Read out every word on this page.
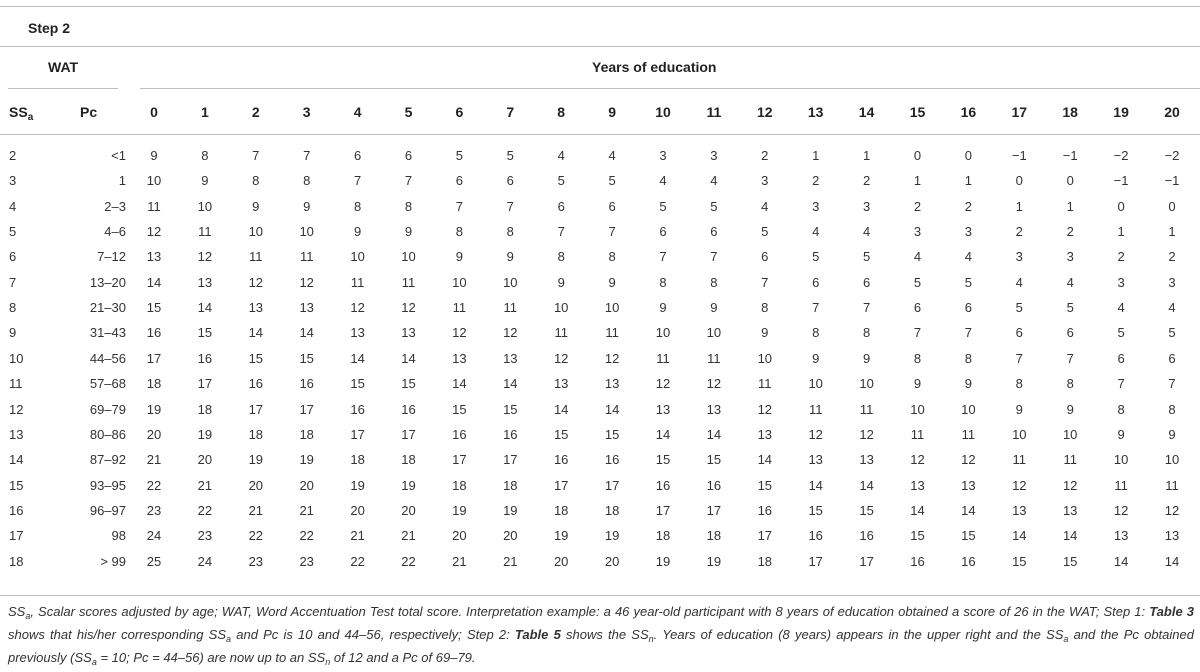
Step 2
WAT	Years of education
$SS_a$	Pc	0	1	2	3	4	5	6	7	8	9	10	11	12	13	14	15	16	17	18	19	20
2	<1	9	8	7	7	6	6	5	5	4	4	3	3	2	1	1	0	0	−1	−1	−2	−2
3	1	10	9	8	8	7	7	6	6	5	5	4	4	3	2	2	1	1	0	0	−1	−1
4	2–3	11	10	9	9	8	8	7	7	6	6	5	5	4	3	3	2	2	1	1	0	0
5	4–6	12	11	10	10	9	9	8	8	7	7	6	6	5	4	4	3	3	2	2	1	1
6	7–12	13	12	11	11	10	10	9	9	8	8	7	7	6	5	5	4	4	3	3	2	2
7	13–20	14	13	12	12	11	11	10	10	9	9	8	8	7	6	6	5	5	4	4	3	3
8	21–30	15	14	13	13	12	12	11	11	10	10	9	9	8	7	7	6	6	5	5	4	4
9	31–43	16	15	14	14	13	13	12	12	11	11	10	10	9	8	8	7	7	6	6	5	5
10	44–56	17	16	15	15	14	14	13	13	12	12	11	11	10	9	9	8	8	7	7	6	6
11	57–68	18	17	16	16	15	15	14	14	13	13	12	12	11	10	10	9	9	8	8	7	7
12	69–79	19	18	17	17	16	16	15	15	14	14	13	13	12	11	11	10	10	9	9	8	8
13	80–86	20	19	18	18	17	17	16	16	15	15	14	14	13	12	12	11	11	10	10	9	9
14	87–92	21	20	19	19	18	18	17	17	16	16	15	15	14	13	13	12	12	11	11	10	10
15	93–95	22	21	20	20	19	19	18	18	17	17	16	16	15	14	14	13	13	12	12	11	11
16	96–97	23	22	21	21	20	20	19	19	18	18	17	17	16	15	15	14	14	13	13	12	12
17	98	24	23	22	22	21	21	20	20	19	19	18	18	17	16	16	15	15	14	14	13	13
18	> 99	25	24	23	23	22	22	21	21	20	20	19	19	18	17	17	16	16	15	15	14	14
$SS_a$, Scalar scores adjusted by age; WAT, Word Accentuation Test total score. Interpretation example: a 46 year-old participant with 8 years of education obtained a score of 26 in the WAT; Step 1: Table 3 shows that his/her corresponding $SS_a$ and Pc is 10 and 44–56, respectively; Step 2: Table 5 shows the $SS_n$. Years of education (8 years) appears in the upper right and the $SS_a$ and the Pc obtained previously ($SS_a = 10$; Pc = 44–56) are now up to an $SS_n$ of 12 and a Pc of 69–79.
